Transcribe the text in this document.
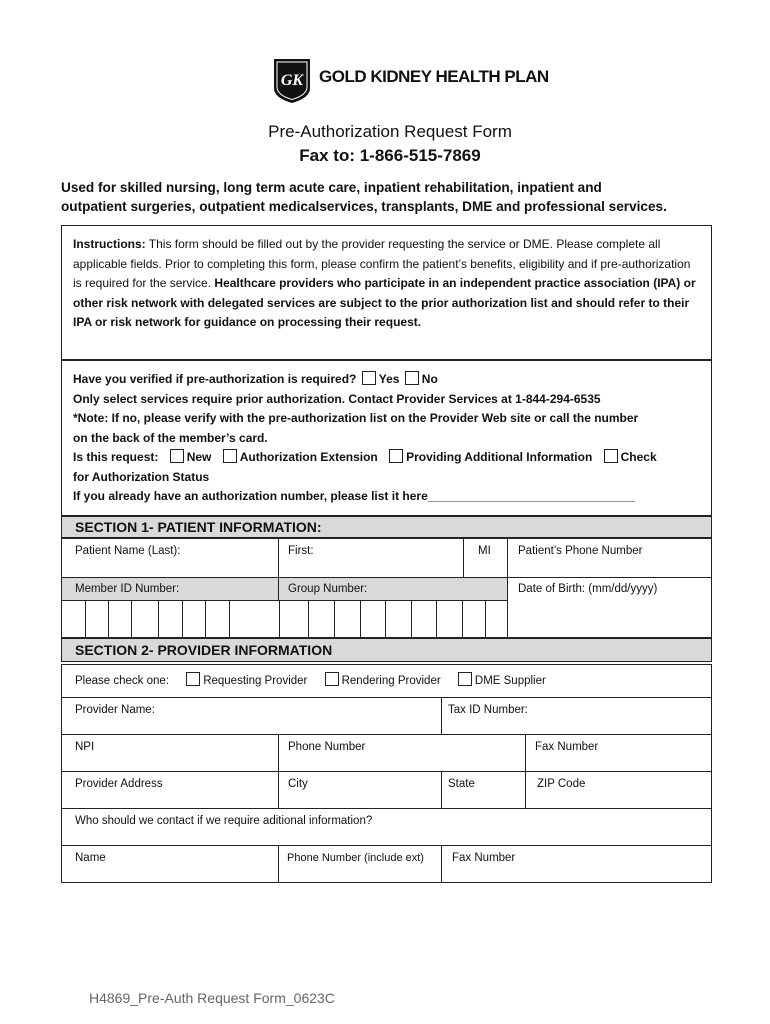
GK GOLD KIDNEY HEALTH PLAN
Pre-Authorization Request Form
Fax to: 1-866-515-7869
Used for skilled nursing, long term acute care, inpatient rehabilitation, inpatient and
outpatient surgeries, outpatient medicalservices, transplants, DME and professional services.
Instructions: This form should be filled out by the provider requesting the service or DME. Please complete all applicable fields. Prior to completing this form, please confirm the patient’s benefits, eligibility and if pre-authorization is required for the service. Healthcare providers who participate in an independent practice association (IPA) or other risk network with delegated services are subject to the prior authorization list and should refer to their IPA or risk network for guidance on processing their request.
Have you verified if pre-authorization is required? Yes No
Only select services require prior authorization. Contact Provider Services at 1-844-294-6535
*Note: If no, please verify with the pre-authorization list on the Provider Web site or call the number
on the back of the member’s card.
Is this request: New Authorization Extension Providing Additional Information Check
for Authorization Status
If you already have an authorization number, please list it here_______________________________
SECTION 1- PATIENT INFORMATION:
Patient Name (Last):	First:	MI	Patient’s Phone Number
Member ID Number:	Group Number:	Date of Birth: (mm/dd/yyyy)
SECTION 2- PROVIDER INFORMATION
Please check one:	Requesting Provider	Rendering Provider	DME Supplier
Provider Name:	Tax ID Number:
NPI	Phone Number	Fax Number
Provider Address	City	State	ZIP Code
Who should we contact if we require aditional information?
Name	Phone Number (include ext)	Fax Number
H4869_Pre-Auth Request Form_0623C
